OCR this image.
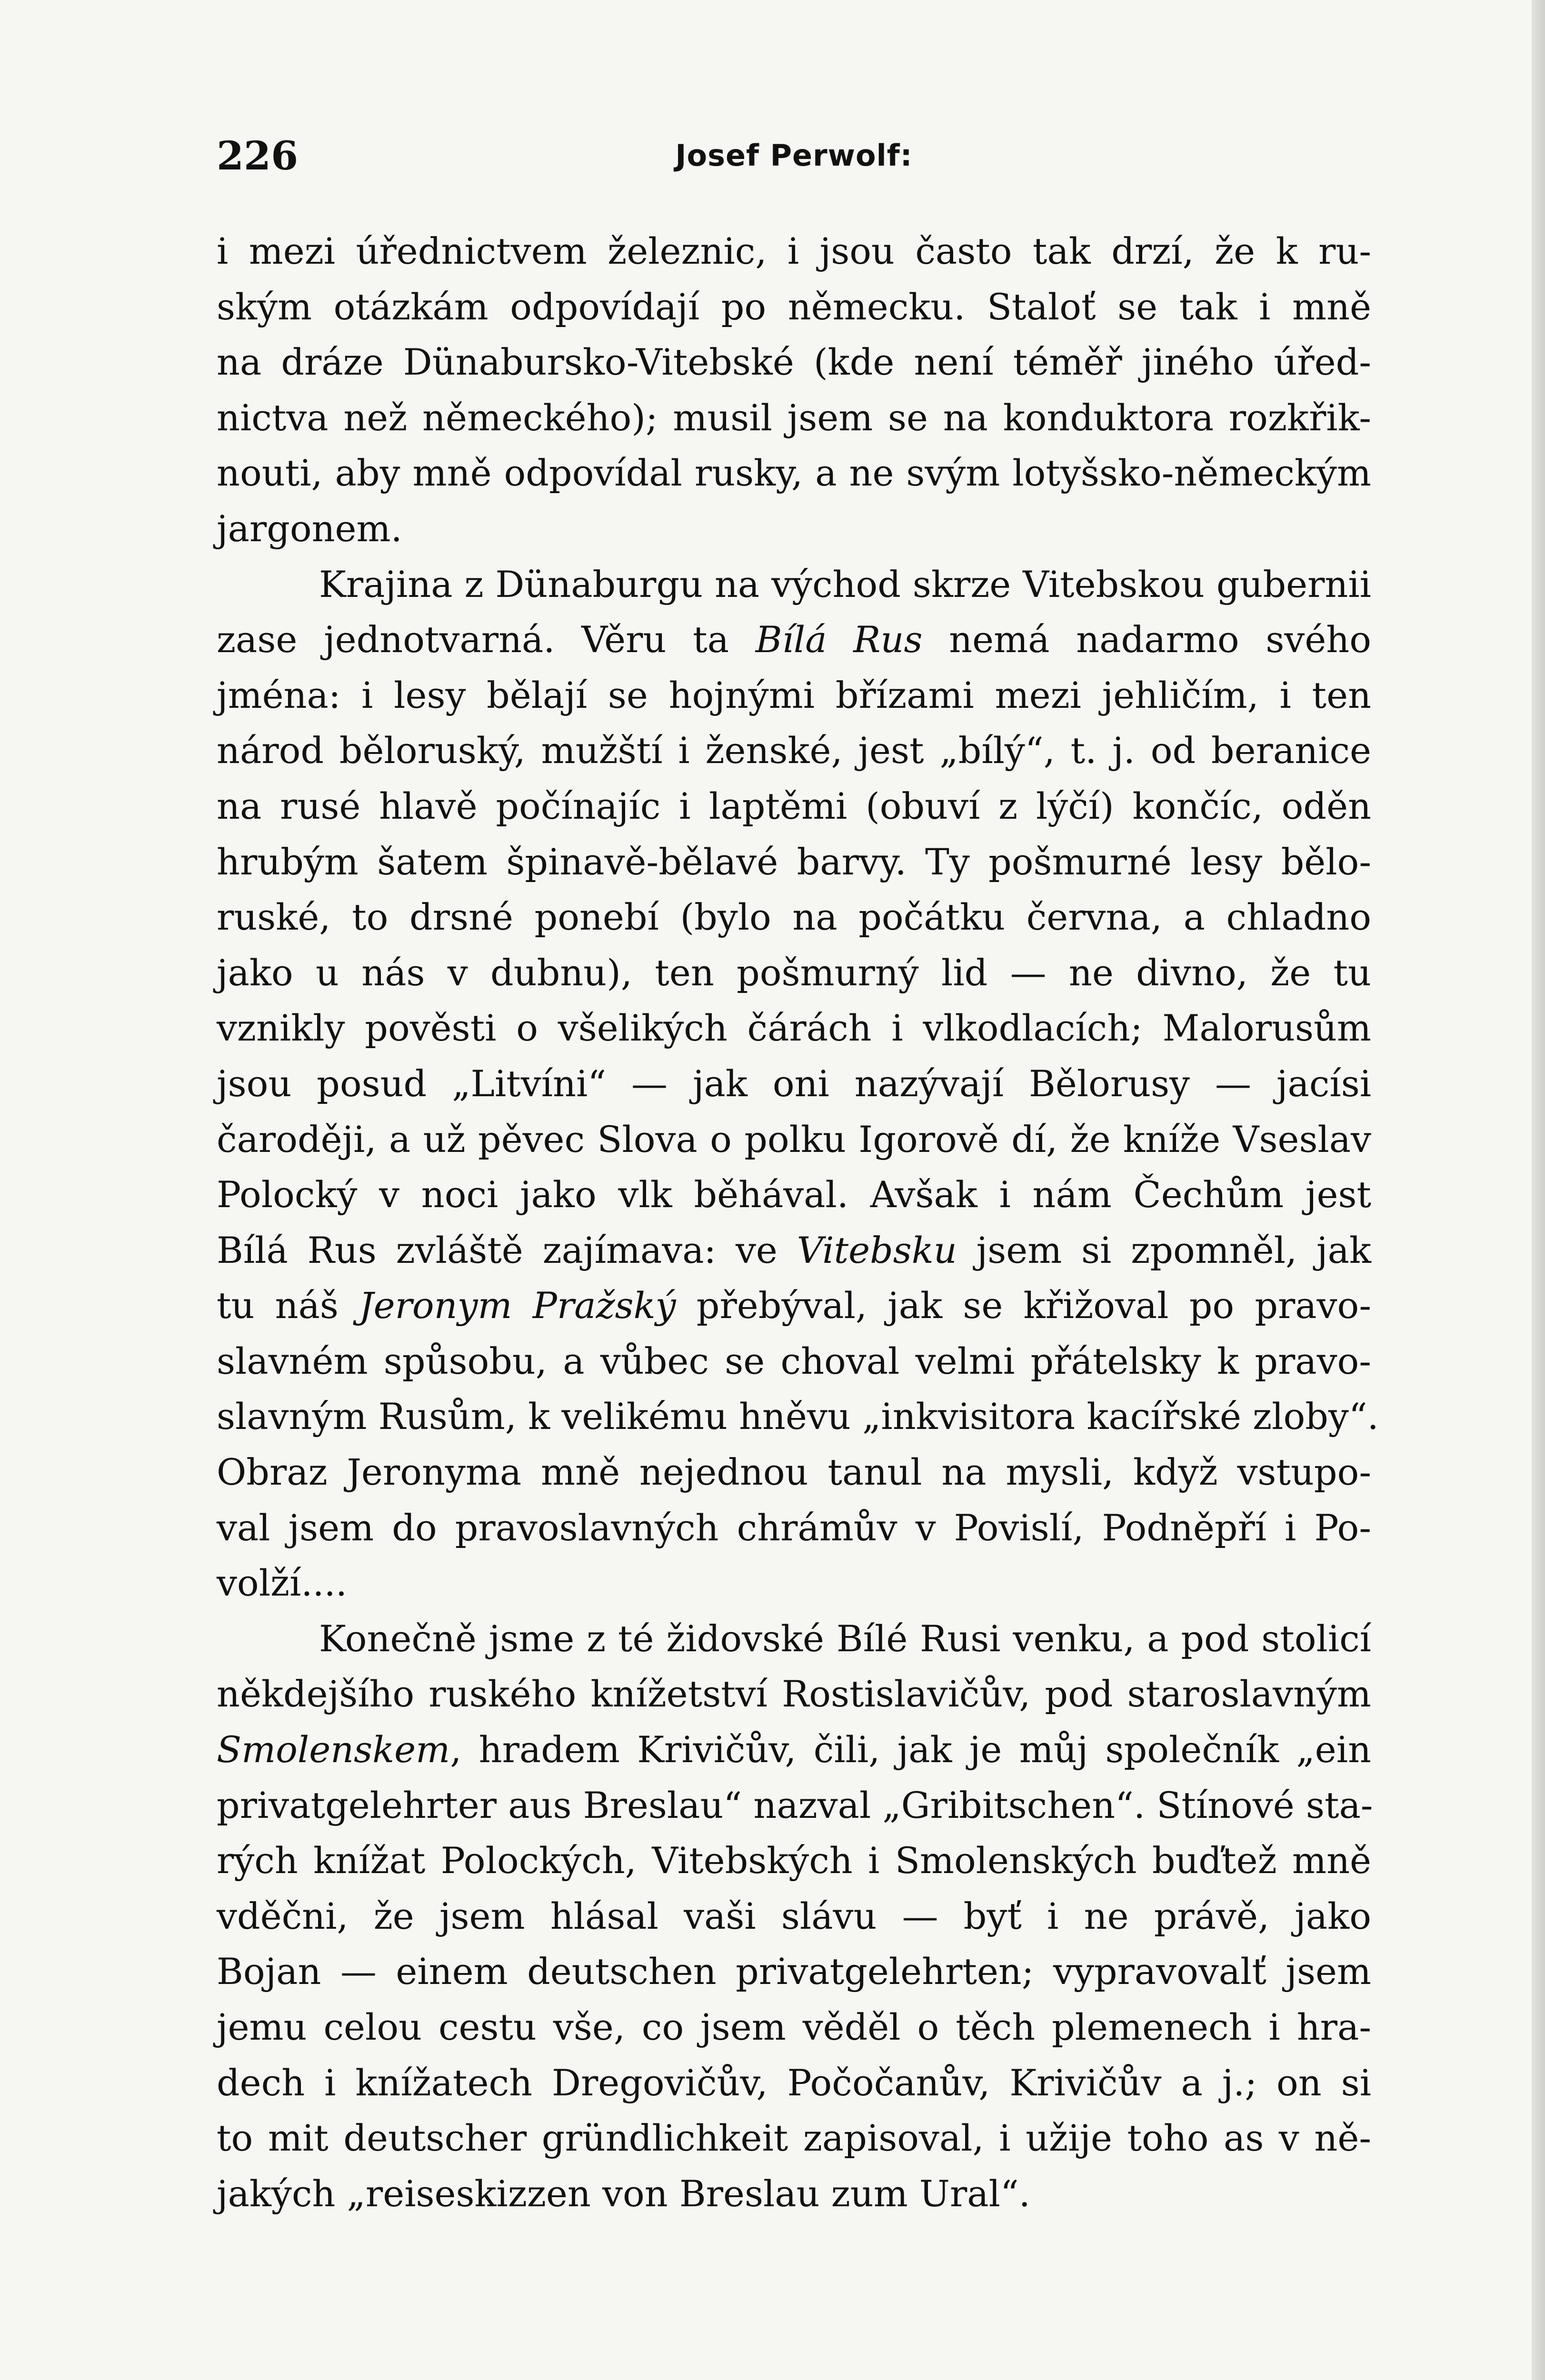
226	Josef Perwolf:
i mezi úřednictvem železnic, i jsou často tak drzí, že k ru-
ským otázkám odpovídají po německu. Staloť se tak i mně
na dráze Dünabursko-Vitebské (kde není téměř jiného úřed-
nictva než německého); musil jsem se na konduktora rozkřik-
nouti, aby mně odpovídal rusky, a ne svým lotyšsko-německým
jargonem.
Krajina z Dünaburgu na východ skrze Vitebskou gubernii
zase jednotvarná. Věru ta Bílá Rus nemá nadarmo svého
jména: i lesy bělají se hojnými břízami mezi jehličím, i ten
národ běloruský, mužští i ženské, jest „bílý“, t. j. od beranice
na rusé hlavě počínajíc i laptěmi (obuví z lýčí) končíc, oděn
hrubým šatem špinavě-bělavé barvy. Ty pošmurné lesy bělo-
ruské, to drsné ponebí (bylo na počátku června, a chladno
jako u nás v dubnu), ten pošmurný lid — ne divno, že tu
vznikly pověsti o všelikých čárách i vlkodlacích; Malorusům
jsou posud „Litvíni“ — jak oni nazývají Bělorusy — jacísi
čaroději, a už pěvec Slova o polku Igorově dí, že kníže Vseslav
Polocký v noci jako vlk běhával. Avšak i nám Čechům jest
Bílá Rus zvláště zajímava: ve Vitebsku jsem si zpomněl, jak
tu náš Jeronym Pražský přebýval, jak se křižoval po pravo-
slavném spůsobu, a vůbec se choval velmi přátelsky k pravo-
slavným Rusům, k velikému hněvu „inkvisitora kacířské zloby“.
Obraz Jeronyma mně nejednou tanul na mysli, když vstupo-
val jsem do pravoslavných chrámův v Povislí, Podněpří i Po-
volží....
Konečně jsme z té židovské Bílé Rusi venku, a pod stolicí
někdejšího ruského knížetství Rostislavičův, pod staroslavným
Smolenskem, hradem Krivičův, čili, jak je můj společník „ein
privatgelehrter aus Breslau“ nazval „Gribitschen“. Stínové sta-
rých knížat Polockých, Vitebských i Smolenských buďtež mně
vděčni, že jsem hlásal vaši slávu — byť i ne právě, jako
Bojan — einem deutschen privatgelehrten; vypravovalť jsem
jemu celou cestu vše, co jsem věděl o těch plemenech i hra-
dech i knížatech Dregovičův, Počočanův, Krivičův a j.; on si
to mit deutscher gründlichkeit zapisoval, i užije toho as v ně-
jakých „reiseskizzen von Breslau zum Ural“.
